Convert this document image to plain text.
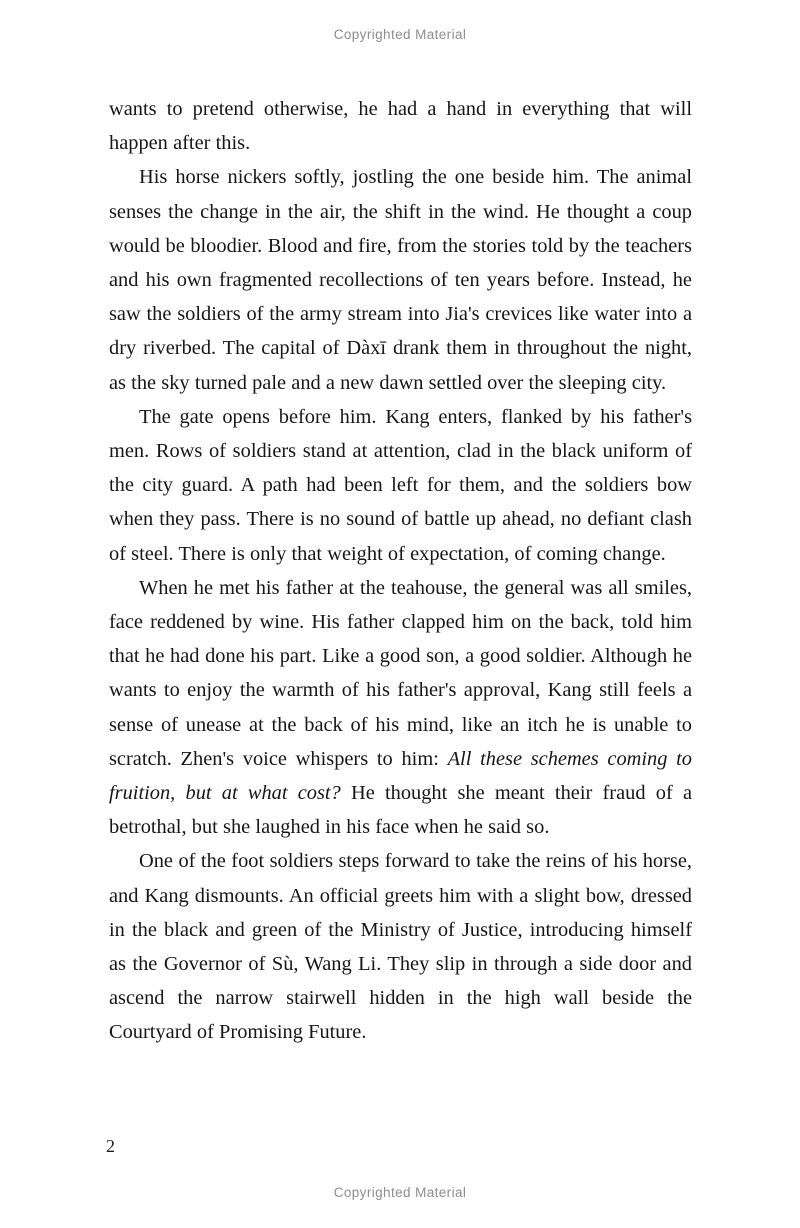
Copyrighted Material

wants to pretend otherwise, he had a hand in everything that will happen after this.

His horse nickers softly, jostling the one beside him. The animal senses the change in the air, the shift in the wind. He thought a coup would be bloodier. Blood and fire, from the stories told by the teachers and his own fragmented recollections of ten years before. Instead, he saw the soldiers of the army stream into Jia's crevices like water into a dry riverbed. The capital of Dàxī drank them in throughout the night, as the sky turned pale and a new dawn settled over the sleeping city.

The gate opens before him. Kang enters, flanked by his father's men. Rows of soldiers stand at attention, clad in the black uniform of the city guard. A path had been left for them, and the soldiers bow when they pass. There is no sound of battle up ahead, no defiant clash of steel. There is only that weight of expectation, of coming change.

When he met his father at the teahouse, the general was all smiles, face reddened by wine. His father clapped him on the back, told him that he had done his part. Like a good son, a good soldier. Although he wants to enjoy the warmth of his father's approval, Kang still feels a sense of unease at the back of his mind, like an itch he is unable to scratch. Zhen's voice whispers to him: All these schemes coming to fruition, but at what cost? He thought she meant their fraud of a betrothal, but she laughed in his face when he said so.

One of the foot soldiers steps forward to take the reins of his horse, and Kang dismounts. An official greets him with a slight bow, dressed in the black and green of the Ministry of Justice, introducing himself as the Governor of Sù, Wang Li. They slip in through a side door and ascend the narrow stairwell hidden in the high wall beside the Courtyard of Promising Future.

2
Copyrighted Material
